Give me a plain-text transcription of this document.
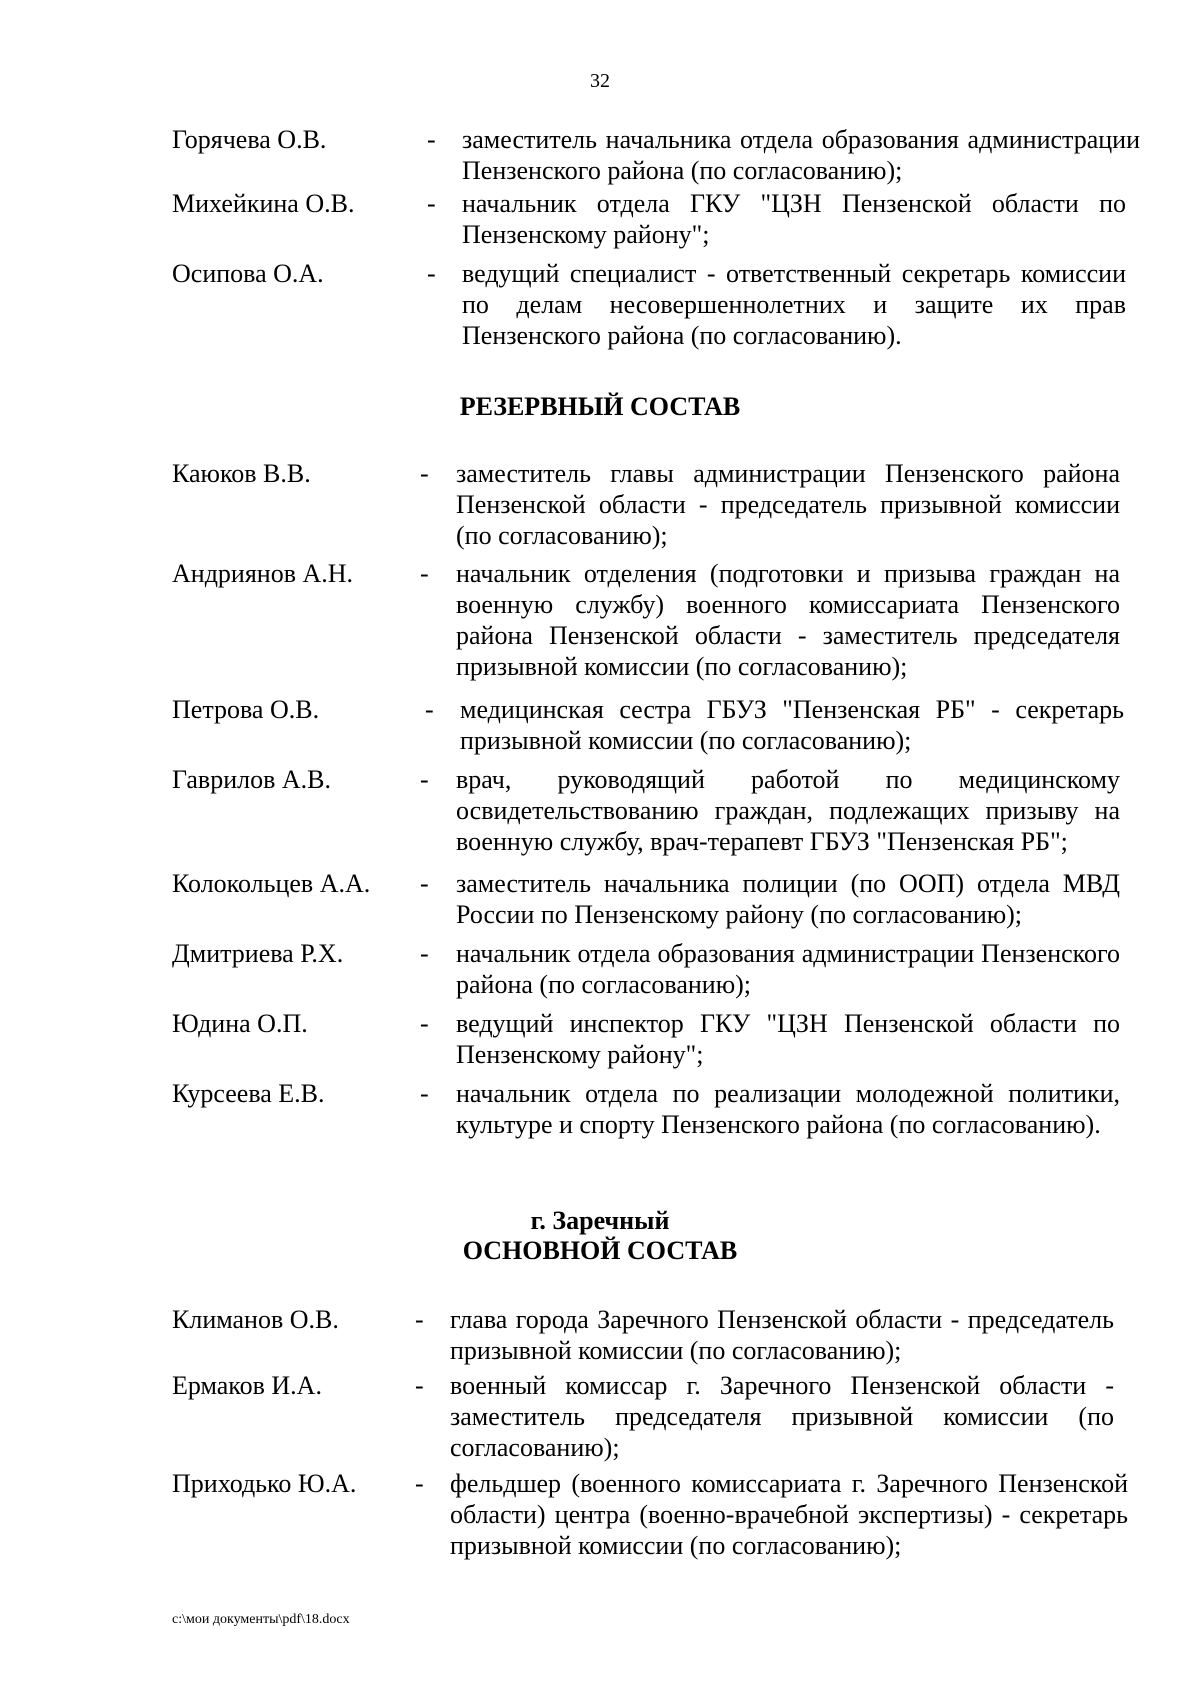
32
Горячева О.В.	- заместитель начальника отдела образования администрации Пензенского района (по согласованию);
Михейкина О.В.	- начальник отдела ГКУ "ЦЗН Пензенской области по Пензенскому району";
Осипова О.А.	- ведущий специалист - ответственный секретарь комиссии по делам несовершеннолетних и защите их прав Пензенского района (по согласованию).
РЕЗЕРВНЫЙ СОСТАВ
Каюков В.В.	- заместитель главы администрации Пензенского района Пензенской области - председатель призывной комиссии (по согласованию);
Андриянов А.Н.	- начальник отделения (подготовки и призыва граждан на военную службу) военного комиссариата Пензенского района Пензенской области - заместитель председателя призывной комиссии (по согласованию);
Петрова О.В.	- медицинская сестра ГБУЗ "Пензенская РБ" - секретарь призывной комиссии (по согласованию);
Гаврилов А.В.	- врач, руководящий работой по медицинскому освидетельствованию граждан, подлежащих призыву на военную службу, врач-терапевт ГБУЗ "Пензенская РБ";
Колокольцев А.А. - заместитель начальника полиции (по ООП) отдела МВД России по Пензенскому району (по согласованию);
Дмитриева Р.Х.	- начальник отдела образования администрации Пензенского района (по согласованию);
Юдина О.П.	- ведущий инспектор ГКУ "ЦЗН Пензенской области по Пензенскому району";
Курсеева Е.В.	- начальник отдела по реализации молодежной политики, культуре и спорту Пензенского района (по согласованию).
г. Заречный
ОСНОВНОЙ СОСТАВ
Климанов О.В.	- глава города Заречного Пензенской области - председатель призывной комиссии (по согласованию);
Ермаков И.А.	- военный комиссар г. Заречного Пензенской области - заместитель председателя призывной комиссии (по согласованию);
Приходько Ю.А. - фельдшер (военного комиссариата г. Заречного Пензенской области) центра (военно-врачебной экспертизы) - секретарь призывной комиссии (по согласованию);
c:\мои документы\pdf\18.docx
